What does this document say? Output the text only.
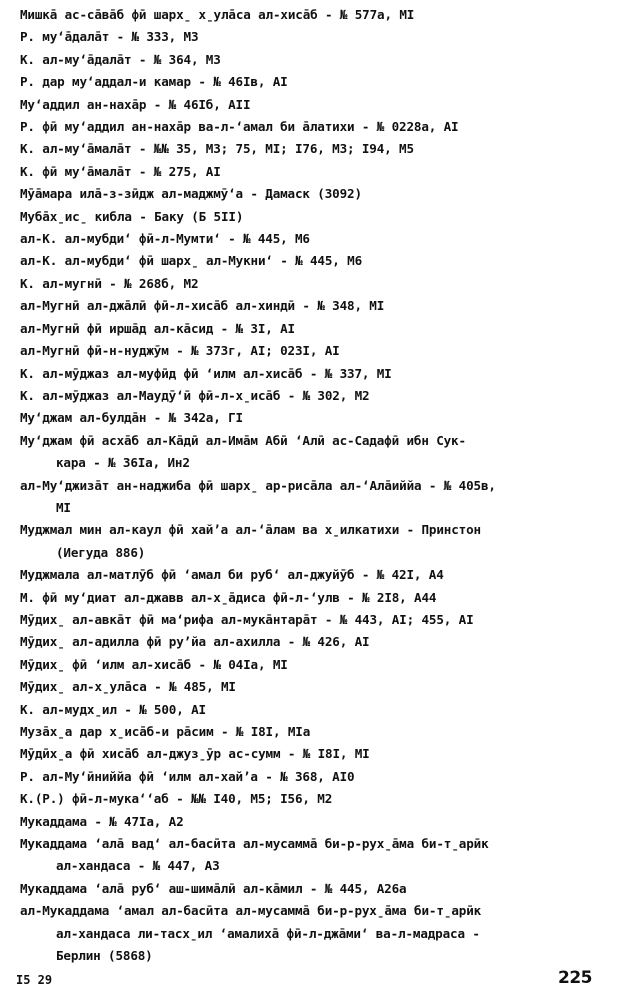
Мишка̄ ас-са̄ва̄б фӣ шарх̱ х̱ула̄са ал-хиса̄б - № 577а, МI
Р. му‘а̄дала̄т - № 333, М3
К. ал-му‘а̄дала̄т - № 364, М3
Р. дар му‘аддал-и камар - № 46Iв, АI
Му‘аддил ан-наха̄р - № 46Iб, АII
Р. фӣ му‘аддил ан-наха̄р ва-л-‘амал би а̄латихи - № 0228а, АI
К. ал-му‘а̄мала̄т - №№ 35, М3; 75, МI; I76, М3; I94, М5
К. фӣ му‘а̄мала̄т - № 275, АI
Мӯа̄мара ила̄-з-зӣдж ал-маджмӯ‘а - Дамаск (3092)
Муба̄х̱ис̱ кибла - Баку (Б 5II)
ал-К. ал-мубди‘ фӣ-л-Мумти‘ - № 445, М6
ал-К. ал-мубди‘ фӣ шарх̱ ал-Мукни‘ - № 445, М6
К. ал-мугнӣ - № 268б, М2
ал-Мугнӣ ал-джа̄лӣ фӣ-л-хиса̄б ал-хиндӣ - № 348, МI
ал-Мугнӣ фӣ ирша̄д ал-ка̄сид - № 3I, АI
ал-Мугнӣ фӣ-н-нуджӯм - № 373г, АI; 023I, АI
К. ал-мӯджаз ал-муфӣд фӣ ‘илм ал-хиса̄б - № 337, МI
К. ал-мӯджаз ал-Маудӯ‘ӣ фӣ-л-х̱иса̄б - № 302, М2
Му‘джам ал-булда̄н - № 342а, ГI
Му‘джам фӣ асха̄б ал-Ка̄дӣ ал-Има̄м Абӣ ‘Алӣ ас-Садафӣ ибн Сук-
кара - № 36Iа, Ин2
ал-Му‘джиза̄т ан-наджиба фӣ шарх̱ ар-риса̄ла ал-‘Ала̄иййа - № 405в,
МI
Муджмал мин ал-каул фӣ хай’а ал-‘а̄лам ва х̱илкатихи - Принстон
(Иегуда 886)
Муджмала ал-матлӯб фӣ ‘амал би руб‘ ал-джуйӯб - № 42I, А4
М. фӣ му‘диат ал-джавв ал-х̱а̄диса фӣ-л-‘улв - № 2I8, А44
Мӯдих̱ ал-авка̄т фӣ ма‘рифа ал-мука̄нтара̄т - № 443, АI; 455, АI
Мӯдих̱ ал-адилла фӣ ру’йа ал-ахилла - № 426, АI
Мӯдих̱ фӣ ‘илм ал-хиса̄б - № 04Iа, МI
Мӯдих̱ ал-х̱ула̄са - № 485, МI
К. ал-мудх̱ил - № 500, АI
Муза̄х̱а дар х̱иса̄б-и ра̄сим - № I8I, МIа
Мӯдӣх̱а фӣ хиса̄б ал-джуз̱ӯр ас-сумм - № I8I, МI
Р. ал-Му‘ӣниййа фӣ ‘илм ал-хай’а - № 368, АI0
К.(Р.) фӣ-л-мука‘‘аб - №№ I40, М5; I56, М2
Мукаддама - № 47Iа, А2
Мукаддама ‘ала̄ вад‘ ал-басӣта ал-мусамма̄ би-р-рух̱а̄ма би-т̱арӣк
ал-хандаса - № 447, А3
Мукаддама ‘ала̄ руб‘ аш-шима̄лӣ ал-ка̄мил - № 445, А26а
ал-Мукаддама ‘амал ал-басӣта ал-мусамма̄ би-р-рух̱а̄ма би-т̱арӣк
ал-хандаса ли-тасх̱ил ‘амалиха̄ фӣ-л-джа̄ми‘ ва-л-мадраса -
Берлин (5868)
I5 29	225
